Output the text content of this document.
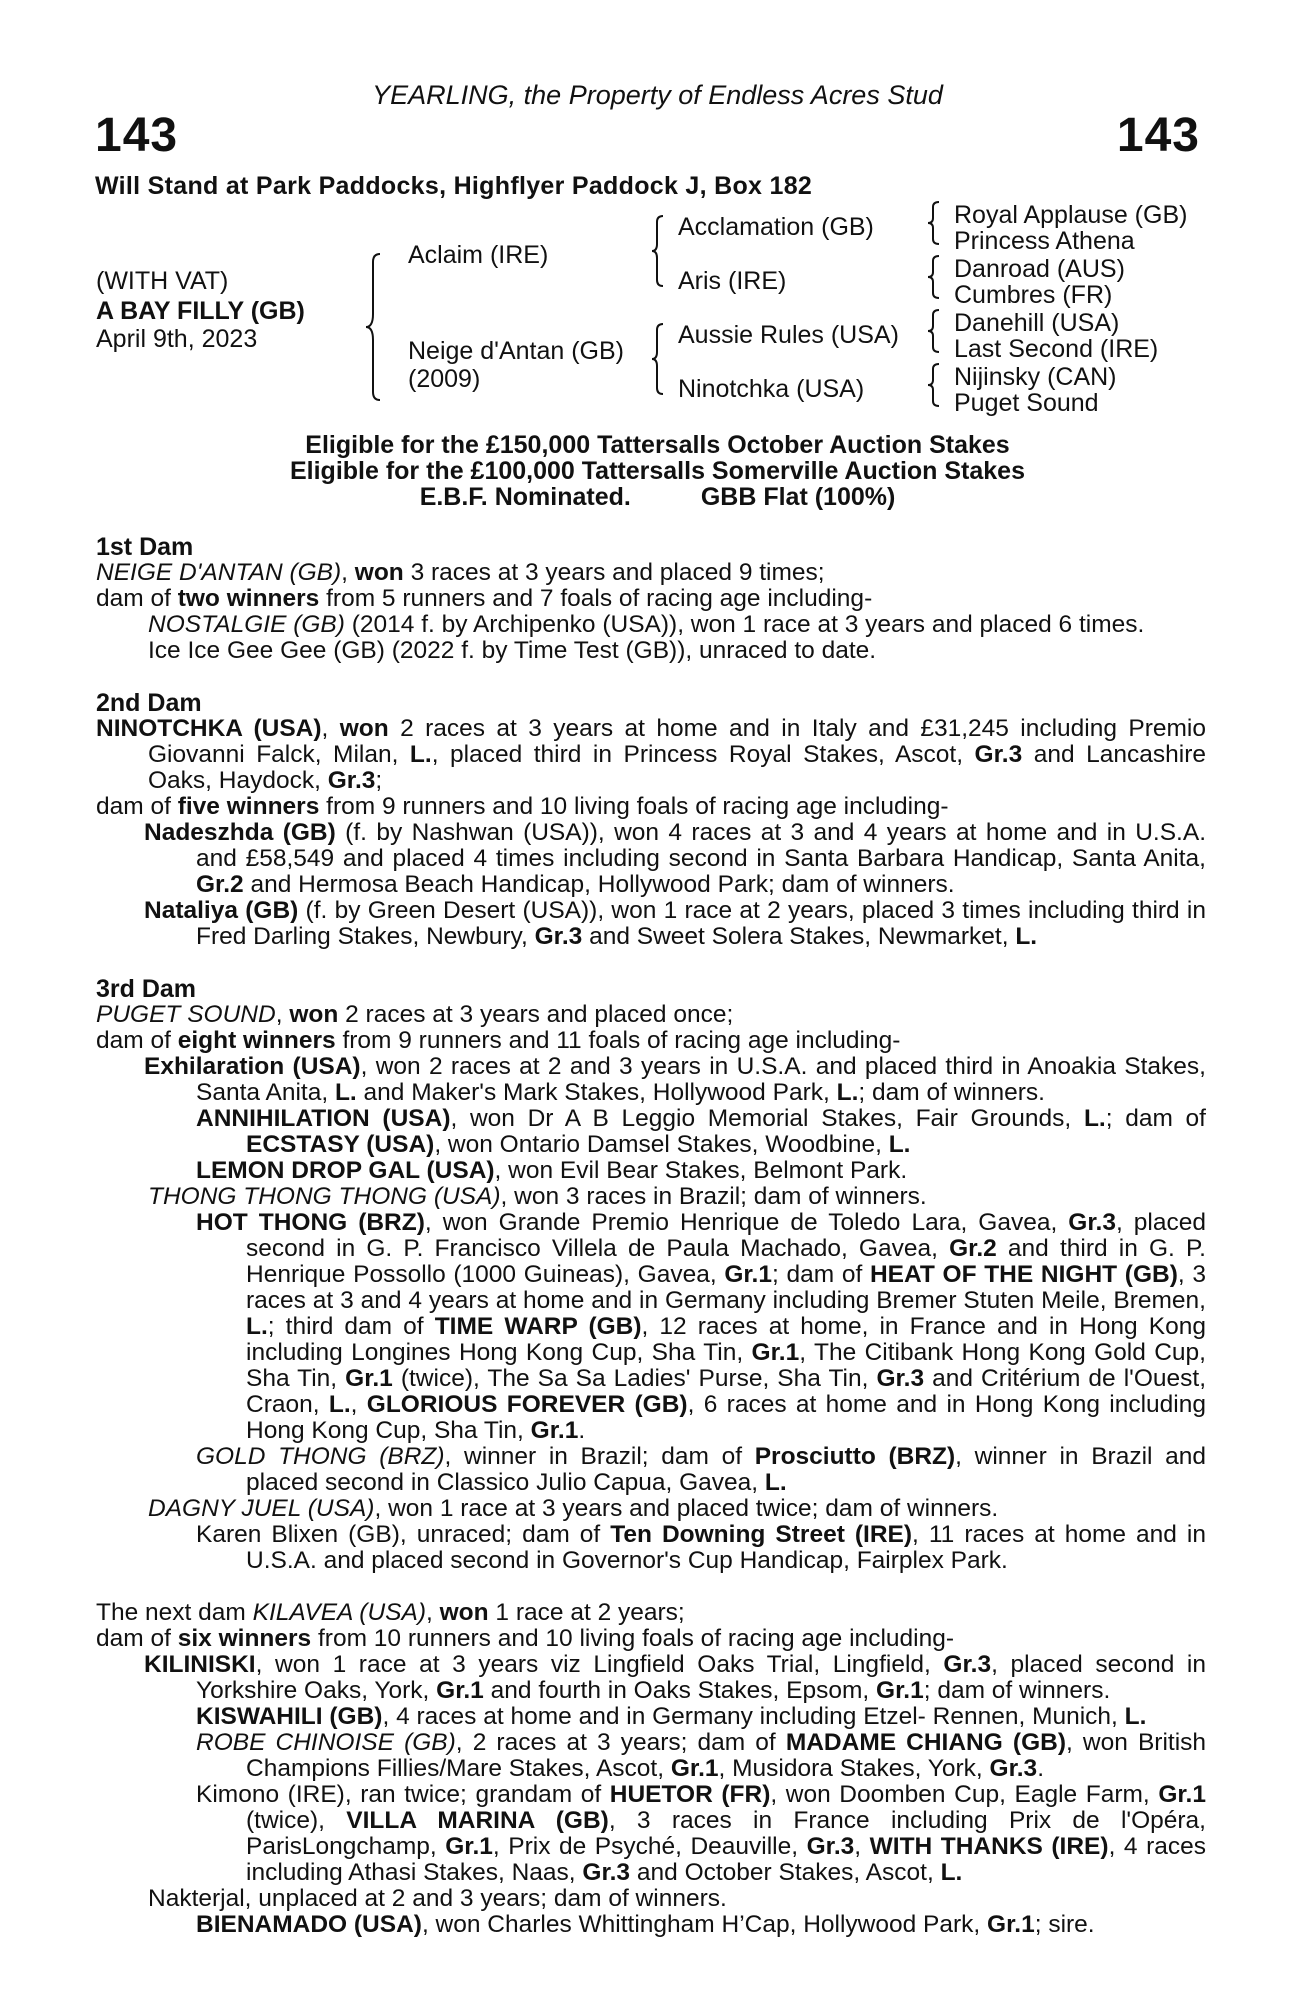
143
YEARLING, the Property of Endless Acres Stud
143
Will Stand at Park Paddocks, Highflyer Paddock J, Box 182
(WITH VAT)
A BAY FILLY (GB)
April 9th, 2023
Aclaim (IRE)
Neige d'Antan (GB)
(2009)
Acclamation (GB)
Aris (IRE)
Aussie Rules (USA)
Ninotchka (USA)
Royal Applause (GB)
Princess Athena
Danroad (AUS)
Cumbres (FR)
Danehill (USA)
Last Second (IRE)
Nijinsky (CAN)
Puget Sound
Eligible for the £150,000 Tattersalls October Auction Stakes
Eligible for the £100,000 Tattersalls Somerville Auction Stakes
E.B.F. Nominated.	GBB Flat (100%)

1st Dam

NEIGE D'ANTAN (GB), won 3 races at 3 years and placed 9 times;

dam of two winners from 5 runners and 7 foals of racing age including-

NOSTALGIE (GB) (2014 f. by Archipenko (USA)), won 1 race at 3 years and placed 6 times.

Ice Ice Gee Gee (GB) (2022 f. by Time Test (GB)), unraced to date.

2nd Dam

NINOTCHKA (USA), won 2 races at 3 years at home and in Italy and £31,245 including Premio Giovanni Falck, Milan, L., placed third in Princess Royal Stakes, Ascot, Gr.3 and Lancashire Oaks, Haydock, Gr.3;

dam of five winners from 9 runners and 10 living foals of racing age including-

Nadeszhda (GB) (f. by Nashwan (USA)), won 4 races at 3 and 4 years at home and in U.S.A. and £58,549 and placed 4 times including second in Santa Barbara Handicap, Santa Anita, Gr.2 and Hermosa Beach Handicap, Hollywood Park; dam of winners.

Nataliya (GB) (f. by Green Desert (USA)), won 1 race at 2 years, placed 3 times including third in Fred Darling Stakes, Newbury, Gr.3 and Sweet Solera Stakes, Newmarket, L.

3rd Dam

PUGET SOUND, won 2 races at 3 years and placed once;

dam of eight winners from 9 runners and 11 foals of racing age including-

Exhilaration (USA), won 2 races at 2 and 3 years in U.S.A. and placed third in Anoakia Stakes, Santa Anita, L. and Maker's Mark Stakes, Hollywood Park, L.; dam of winners.

ANNIHILATION (USA), won Dr A B Leggio Memorial Stakes, Fair Grounds, L.; dam of ECSTASY (USA), won Ontario Damsel Stakes, Woodbine, L.

LEMON DROP GAL (USA), won Evil Bear Stakes, Belmont Park.

THONG THONG THONG (USA), won 3 races in Brazil; dam of winners.

HOT THONG (BRZ), won Grande Premio Henrique de Toledo Lara, Gavea, Gr.3, placed second in G. P. Francisco Villela de Paula Machado, Gavea, Gr.2 and third in G. P. Henrique Possollo (1000 Guineas), Gavea, Gr.1; dam of HEAT OF THE NIGHT (GB), 3 races at 3 and 4 years at home and in Germany including Bremer Stuten Meile, Bremen, L.; third dam of TIME WARP (GB), 12 races at home, in France and in Hong Kong including Longines Hong Kong Cup, Sha Tin, Gr.1, The Citibank Hong Kong Gold Cup, Sha Tin, Gr.1 (twice), The Sa Sa Ladies' Purse, Sha Tin, Gr.3 and Critérium de l'Ouest, Craon, L., GLORIOUS FOREVER (GB), 6 races at home and in Hong Kong including Hong Kong Cup, Sha Tin, Gr.1.

GOLD THONG (BRZ), winner in Brazil; dam of Prosciutto (BRZ), winner in Brazil and placed second in Classico Julio Capua, Gavea, L.

DAGNY JUEL (USA), won 1 race at 3 years and placed twice; dam of winners.

Karen Blixen (GB), unraced; dam of Ten Downing Street (IRE), 11 races at home and in U.S.A. and placed second in Governor's Cup Handicap, Fairplex Park.

The next dam KILAVEA (USA), won 1 race at 2 years;

dam of six winners from 10 runners and 10 living foals of racing age including-

KILINISKI, won 1 race at 3 years viz Lingfield Oaks Trial, Lingfield, Gr.3, placed second in Yorkshire Oaks, York, Gr.1 and fourth in Oaks Stakes, Epsom, Gr.1; dam of winners.

KISWAHILI (GB), 4 races at home and in Germany including Etzel- Rennen, Munich, L.

ROBE CHINOISE (GB), 2 races at 3 years; dam of MADAME CHIANG (GB), won British Champions Fillies/Mare Stakes, Ascot, Gr.1, Musidora Stakes, York, Gr.3.

Kimono (IRE), ran twice; grandam of HUETOR (FR), won Doomben Cup, Eagle Farm, Gr.1 (twice), VILLA MARINA (GB), 3 races in France including Prix de l'Opéra, ParisLongchamp, Gr.1, Prix de Psyché, Deauville, Gr.3, WITH THANKS (IRE), 4 races including Athasi Stakes, Naas, Gr.3 and October Stakes, Ascot, L.

Nakterjal, unplaced at 2 and 3 years; dam of winners.

BIENAMADO (USA), won Charles Whittingham H’Cap, Hollywood Park, Gr.1; sire.
